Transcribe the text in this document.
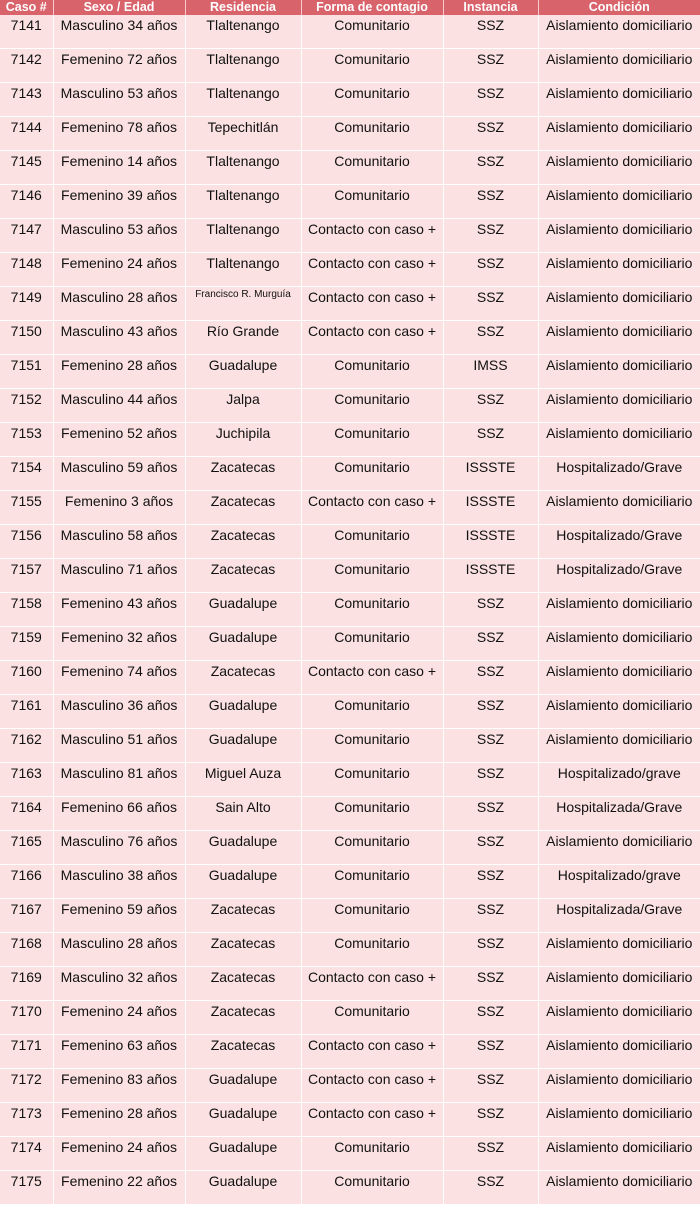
Caso #	Sexo / Edad	Residencia	Forma de contagio	Instancia	Condición
7141	Masculino 34 años	Tlaltenango	Comunitario	SSZ	Aislamiento domiciliario
7142	Femenino 72 años	Tlaltenango	Comunitario	SSZ	Aislamiento domiciliario
7143	Masculino 53 años	Tlaltenango	Comunitario	SSZ	Aislamiento domiciliario
7144	Femenino 78 años	Tepechitlán	Comunitario	SSZ	Aislamiento domiciliario
7145	Femenino 14 años	Tlaltenango	Comunitario	SSZ	Aislamiento domiciliario
7146	Femenino 39 años	Tlaltenango	Comunitario	SSZ	Aislamiento domiciliario
7147	Masculino 53 años	Tlaltenango	Contacto con caso +	SSZ	Aislamiento domiciliario
7148	Femenino 24 años	Tlaltenango	Contacto con caso +	SSZ	Aislamiento domiciliario
7149	Masculino 28 años	Francisco R. Murguía	Contacto con caso +	SSZ	Aislamiento domiciliario
7150	Masculino 43 años	Río Grande	Contacto con caso +	SSZ	Aislamiento domiciliario
7151	Femenino 28 años	Guadalupe	Comunitario	IMSS	Aislamiento domiciliario
7152	Masculino 44 años	Jalpa	Comunitario	SSZ	Aislamiento domiciliario
7153	Femenino 52 años	Juchipila	Comunitario	SSZ	Aislamiento domiciliario
7154	Masculino 59 años	Zacatecas	Comunitario	ISSSTE	Hospitalizado/Grave
7155	Femenino 3 años	Zacatecas	Contacto con caso +	ISSSTE	Aislamiento domiciliario
7156	Masculino 58 años	Zacatecas	Comunitario	ISSSTE	Hospitalizado/Grave
7157	Masculino 71 años	Zacatecas	Comunitario	ISSSTE	Hospitalizado/Grave
7158	Femenino 43 años	Guadalupe	Comunitario	SSZ	Aislamiento domiciliario
7159	Femenino 32 años	Guadalupe	Comunitario	SSZ	Aislamiento domiciliario
7160	Femenino 74 años	Zacatecas	Contacto con caso +	SSZ	Aislamiento domiciliario
7161	Masculino 36 años	Guadalupe	Comunitario	SSZ	Aislamiento domiciliario
7162	Masculino 51 años	Guadalupe	Comunitario	SSZ	Aislamiento domiciliario
7163	Masculino 81 años	Miguel Auza	Comunitario	SSZ	Hospitalizado/grave
7164	Femenino 66 años	Sain Alto	Comunitario	SSZ	Hospitalizada/Grave
7165	Masculino 76 años	Guadalupe	Comunitario	SSZ	Aislamiento domiciliario
7166	Masculino 38 años	Guadalupe	Comunitario	SSZ	Hospitalizado/grave
7167	Femenino 59 años	Zacatecas	Comunitario	SSZ	Hospitalizada/Grave
7168	Masculino 28 años	Zacatecas	Comunitario	SSZ	Aislamiento domiciliario
7169	Masculino 32 años	Zacatecas	Contacto con caso +	SSZ	Aislamiento domiciliario
7170	Femenino 24 años	Zacatecas	Comunitario	SSZ	Aislamiento domiciliario
7171	Femenino 63 años	Zacatecas	Contacto con caso +	SSZ	Aislamiento domiciliario
7172	Femenino 83 años	Guadalupe	Contacto con caso +	SSZ	Aislamiento domiciliario
7173	Femenino 28 años	Guadalupe	Contacto con caso +	SSZ	Aislamiento domiciliario
7174	Femenino 24 años	Guadalupe	Comunitario	SSZ	Aislamiento domiciliario
7175	Femenino 22 años	Guadalupe	Comunitario	SSZ	Aislamiento domiciliario
